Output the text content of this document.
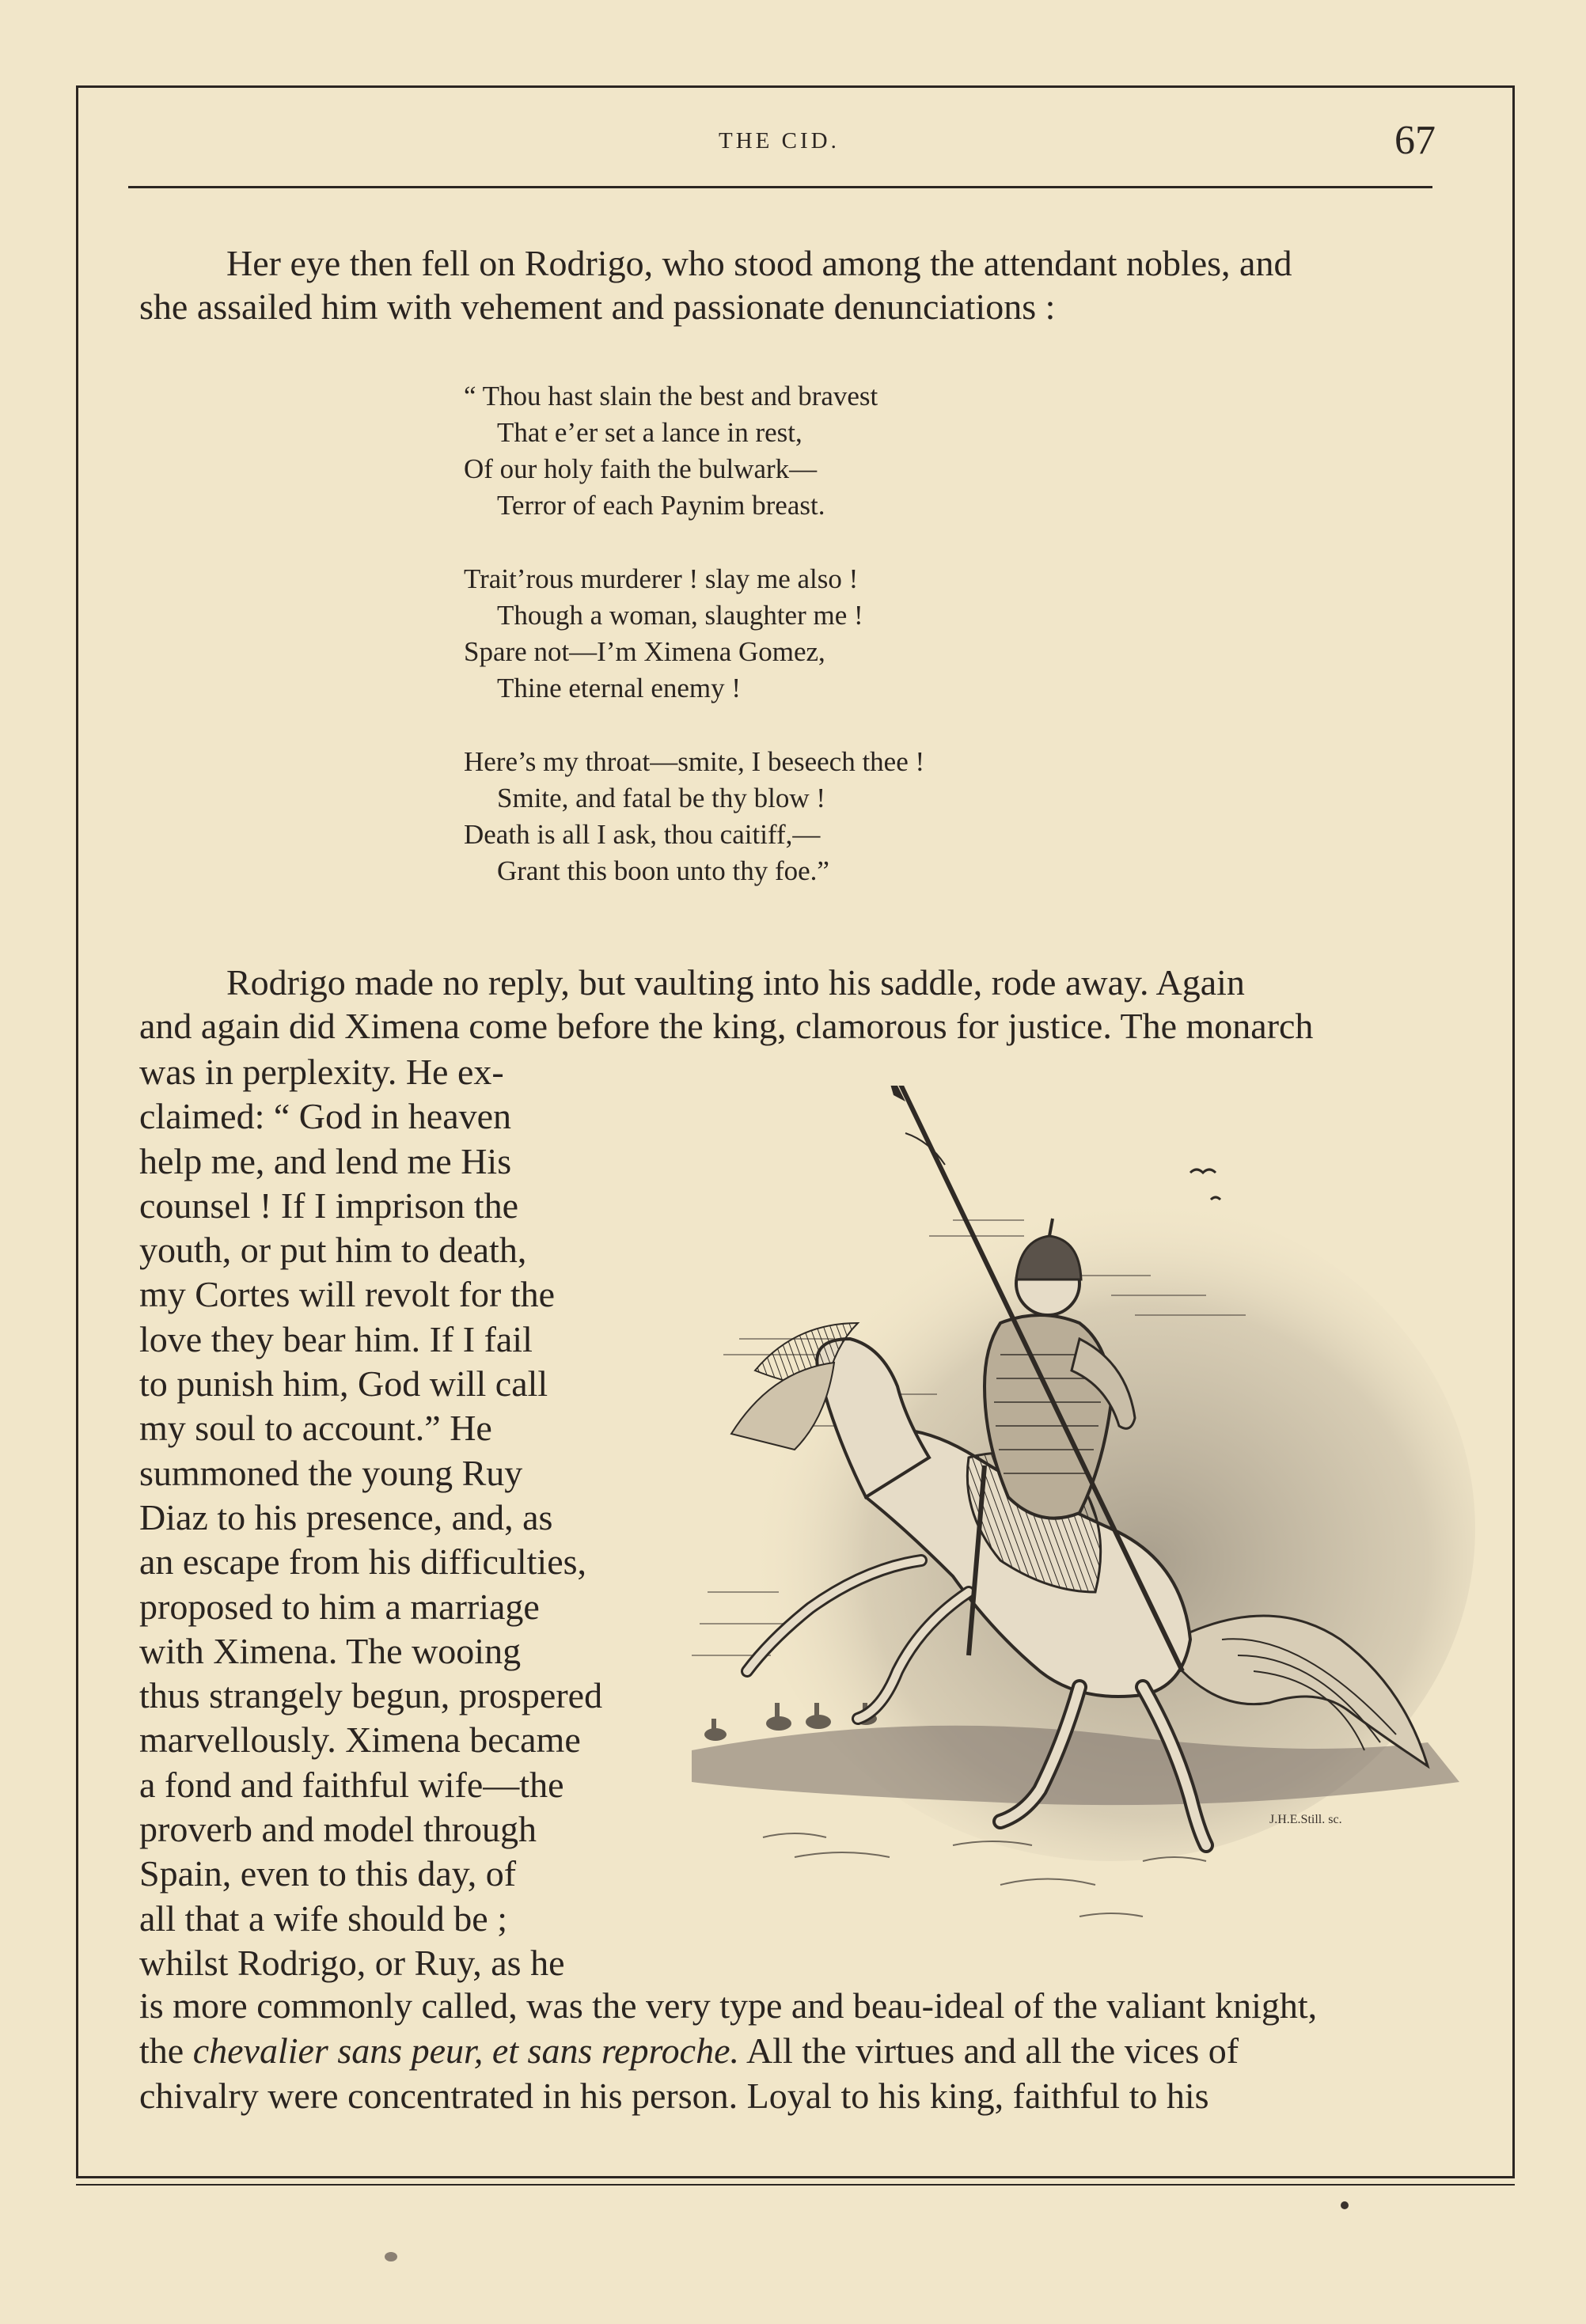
THE CID.	67
Her eye then fell on Rodrigo, who stood among the attendant nobles, and
she assailed him with vehement and passionate denunciations :
“ Thou hast slain the best and bravest
That e’er set a lance in rest,
Of our holy faith the bulwark—
Terror of each Paynim breast.
Trait’rous murderer ! slay me also !
Though a woman, slaughter me !
Spare not—I’m Ximena Gomez,
Thine eternal enemy !
Here’s my throat—smite, I beseech thee !
Smite, and fatal be thy blow !
Death is all I ask, thou caitiff,—
Grant this boon unto thy foe.”
Rodrigo made no reply, but vaulting into his saddle, rode away. Again
and again did Ximena come before the king, clamorous for justice. The monarch
was in perplexity. He ex-
claimed: “ God in heaven
help me, and lend me His
counsel ! If I imprison the
youth, or put him to death,
my Cortes will revolt for the
love they bear him. If I fail
to punish him, God will call
my soul to account.” He
summoned the young Ruy
Diaz to his presence, and, as
an escape from his difficulties,
proposed to him a marriage
with Ximena. The wooing
thus strangely begun, prospered
marvellously. Ximena became
a fond and faithful wife—the
proverb and model through
Spain, even to this day, of
all that a wife should be ;
whilst Rodrigo, or Ruy, as he
is more commonly called, was the very type and beau-ideal of the valiant knight,
the chevalier sans peur, et sans reproche. All the virtues and all the vices of
chivalry were concentrated in his person. Loyal to his king, faithful to his
J.H.E.Still. sc.
